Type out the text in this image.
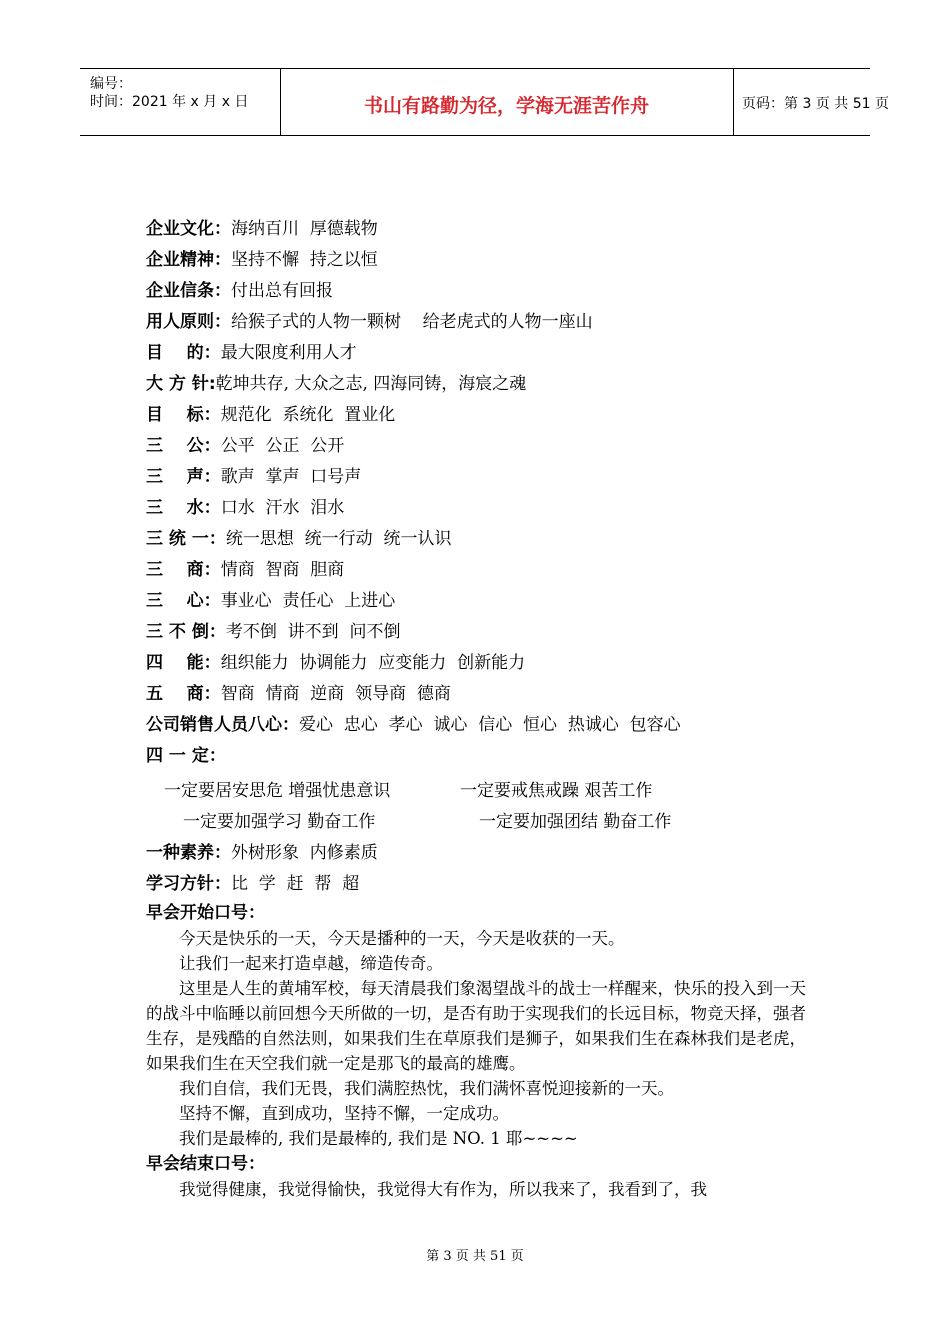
编号：
时间：2021 年 x 月 x 日	书山有路勤为径，学海无涯苦作舟	页码：第 3 页 共 51 页
企业文化：海纳百川  厚德载物
企业精神：坚持不懈  持之以恒
企业信条：付出总有回报
用人原则：给猴子式的人物一颗树    给老虎式的人物一座山
目    的：最大限度利用人才
大 方 针:乾坤共存, 大众之志, 四海同铸，海宸之魂
目    标：规范化  系统化  置业化
三    公：公平  公正  公开
三    声：歌声  掌声  口号声
三    水：口水  汗水  泪水
三 统 一：统一思想  统一行动  统一认识
三    商：情商  智商  胆商
三    心：事业心  责任心  上进心
三 不 倒：考不倒  讲不到  问不倒
四    能：组织能力  协调能力  应变能力  创新能力
五    商：智商  情商  逆商  领导商  德商
公司销售人员八心：爱心  忠心  孝心  诚心  信心  恒心  热诚心  包容心
四 一 定：
一定要居安思危 增强忧患意识	一定要戒焦戒躁 艰苦工作
一定要加强学习 勤奋工作	一定要加强团结 勤奋工作
一种素养：外树形象  内修素质
学习方针：比  学  赶  帮  超
早会开始口号：

今天是快乐的一天，今天是播种的一天，今天是收获的一天。

让我们一起来打造卓越，缔造传奇。

这里是人生的黄埔军校，每天清晨我们象渴望战斗的战士一样醒来，快乐的投入到一天的战斗中临睡以前回想今天所做的一切，是否有助于实现我们的长远目标，物竞天择，强者生存，是残酷的自然法则，如果我们生在草原我们是狮子，如果我们生在森林我们是老虎，如果我们生在天空我们就一定是那飞的最高的雄鹰。

我们自信，我们无畏，我们满腔热忱，我们满怀喜悦迎接新的一天。

坚持不懈，直到成功，坚持不懈，一定成功。

我们是最棒的, 我们是最棒的, 我们是 NO. 1 耶~~~~

早会结束口号：

我觉得健康，我觉得愉快，我觉得大有作为，所以我来了，我看到了，我

第 3 页 共 51 页
